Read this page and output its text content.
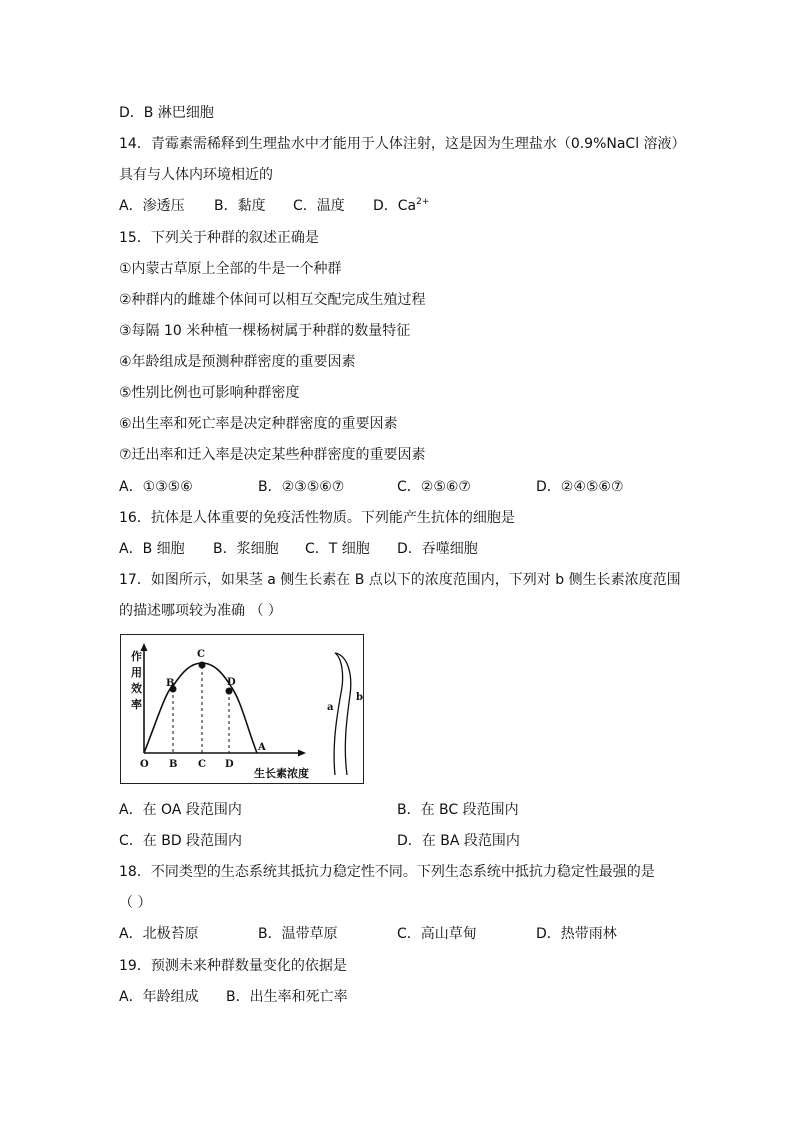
D．B 淋巴细胞
14．青霉素需稀释到生理盐水中才能用于人体注射，这是因为生理盐水（0.9%NaCl 溶液）
具有与人体内环境相近的
A．渗透压 B．黏度 C．温度 D．$Ca^{2+}$
15．下列关于种群的叙述正确是
①内蒙古草原上全部的牛是一个种群
②种群内的雌雄个体间可以相互交配完成生殖过程
③每隔 10 米种植一棵杨树属于种群的数量特征
④年龄组成是预测种群密度的重要因素
⑤性别比例也可影响种群密度
⑥出生率和死亡率是决定种群密度的重要因素
⑦迁出率和迁入率是决定某些种群密度的重要因素
A．①③⑤⑥	B．②③⑤⑥⑦	C．②⑤⑥⑦	D．②④⑤⑥⑦
16．抗体是人体重要的免疫活性物质。下列能产生抗体的细胞是
A．B 细胞 B．浆细胞 C．T 细胞 D．吞噬细胞
17．如图所示，如果茎 a 侧生长素在 B 点以下的浓度范围内，下列对 b 侧生长素浓度范围
的描述哪项较为准确 （ ）
作
用
效
率
B
C
D
A
O B C D
生长素浓度
a
b
A．在 OA 段范围内	B．在 BC 段范围内
C．在 BD 段范围内	D．在 BA 段范围内
18．不同类型的生态系统其抵抗力稳定性不同。下列生态系统中抵抗力稳定性最强的是
（ ）
A．北极苔原	B．温带草原	C．高山草甸	D．热带雨林
19．预测未来种群数量变化的依据是
A．年龄组成 B．出生率和死亡率
